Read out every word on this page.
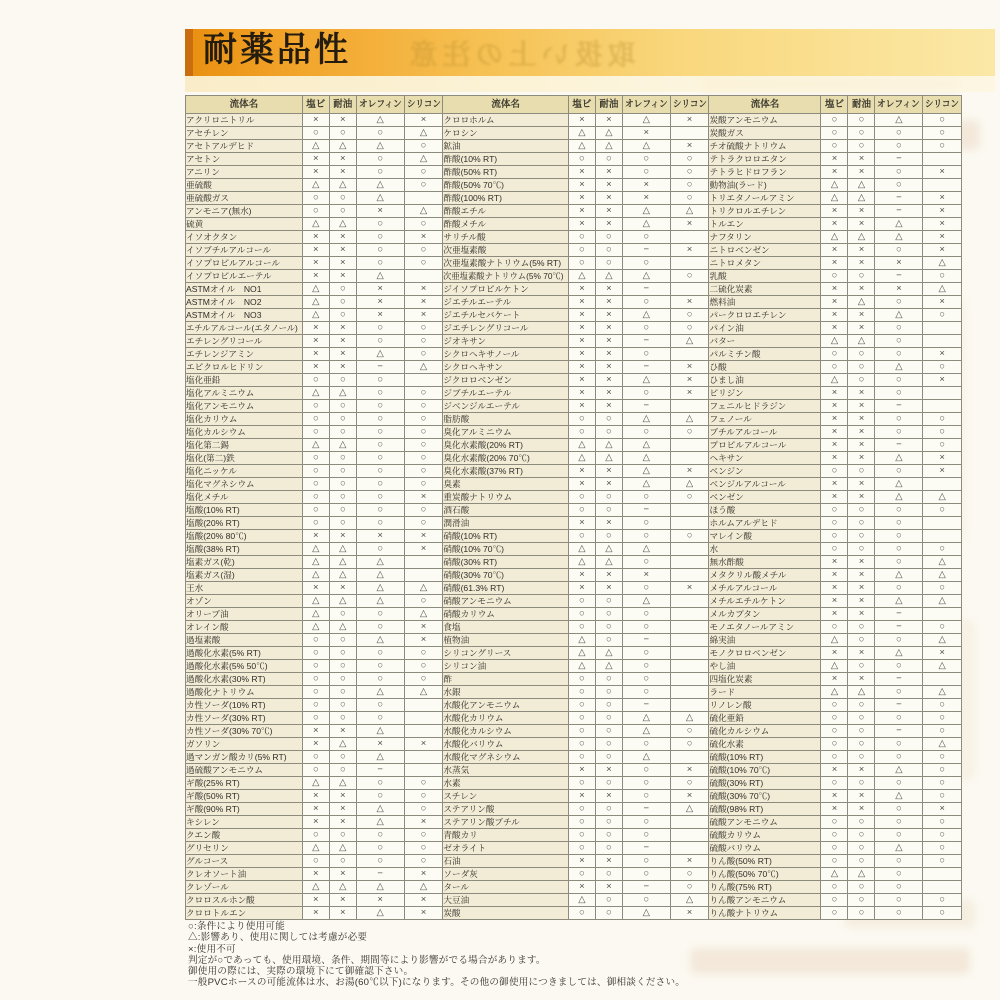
耐薬品性	取扱い上の注意
流体名	塩ビ	耐油	オレフィン	シリコン	流体名	塩ビ	耐油	オレフィン	シリコン	流体名	塩ビ	耐油	オレフィン	シリコン
アクリロニトリル	×	×	△	×	クロロホルム	×	×	△	×	炭酸アンモニウム	○	○	△	○
アセチレン	○	○	○	△	ケロシン	△	△	×		炭酸ガス	○	○	○	○
アセトアルデヒド	△	△	△	○	鉱油	△	△	△	×	チオ硫酸ナトリウム	○	○	○	○
アセトン	×	×	○	△	酢酸(10% RT)	○	○	○	○	テトラクロロエタン	×	×	−	
アニリン	×	×	○	○	酢酸(50% RT)	×	×	○	○	テトラヒドロフラン	×	×	○	×
亜硫酸	△	△	△	○	酢酸(50% 70℃)	×	×	×	○	動物油(ラード)	△	△	○	
亜硫酸ガス	○	○	△		酢酸(100% RT)	×	×	×	○	トリエタノールアミン	△	△	−	×
アンモニア(無水)	○	○	×	△	酢酸エチル	×	×	△	△	トリクロルエチレン	×	×	−	×
硫黄	△	△	○	○	酢酸メチル	×	×	△	×	トルエン	×	×	△	×
イソオクタン	×	×	○	×	サリチル酸	○	○	○		ナフタリン	△	△	△	×
イソブチルアルコール	×	×	○	○	次亜塩素酸	○	○	−	×	ニトロベンゼン	×	×	○	×
イソプロピルアルコール	×	×	○	○	次亜塩素酸ナトリウム(5% RT)	○	○	○		ニトロメタン	×	×	×	△
イソプロピルエーテル	×	×	△		次亜塩素酸ナトリウム(5% 70℃)	△	△	△	○	乳酸	○	○	−	○
ASTMオイル　NO1	△	○	×	×	ジイソプロピルケトン	×	×	−		二硫化炭素	×	×	×	△
ASTMオイル　NO2	△	○	×	×	ジエチルエーテル	×	×	○	×	燃料油	×	△	○	×
ASTMオイル　NO3	△	○	×	×	ジエチルセバケート	×	×	△	○	パークロロエチレン	×	×	△	○
エチルアルコール(エタノール)	×	×	○	○	ジエチレングリコール	×	×	○	○	パイン油	×	×	○	
エチレングリコール	×	×	○	○	ジオキサン	×	×	−	△	バター	△	△	○	
エチレンジアミン	×	×	△	○	シクロヘキサノール	×	×	○		パルミチン酸	○	○	○	×
エピクロルヒドリン	×	×	−	△	シクロヘキサン	×	×	−	×	ひ酸	○	○	△	○
塩化亜鉛	○	○	○		ジクロロベンゼン	×	×	△	×	ひまし油	△	○	○	×
塩化アルミニウム	△	△	○	○	ジブチルエーテル	×	×	○	×	ピリジン	×	×	○	
塩化アンモニウム	○	○	○	○	ジベンジルエーテル	×	×	−		フェニルヒドラジン	×	×	−	
塩化カリウム	○	○	○	○	脂肪酸	○	○	△	△	フェノール	×	×	○	○
塩化カルシウム	○	○	○	○	臭化アルミニウム	○	○	○	○	ブチルアルコール	×	×	○	○
塩化第二錫	△	△	○	○	臭化水素酸(20% RT)	△	△	△		プロピルアルコール	×	×	−	○
塩化(第二)鉄	○	○	○	○	臭化水素酸(20% 70℃)	△	△	△		ヘキサン	×	×	△	×
塩化ニッケル	○	○	○	○	臭化水素酸(37% RT)	×	×	△	×	ベンジン	○	○	○	×
塩化マグネシウム	○	○	○	○	臭素	×	×	△	△	ベンジルアルコール	×	×	△	
塩化メチル	○	○	○	×	重炭酸ナトリウム	○	○	○	○	ベンゼン	×	×	△	△
塩酸(10% RT)	○	○	○	○	酒石酸	○	○	−		ほう酸	○	○	○	○
塩酸(20% RT)	○	○	○	○	潤滑油	×	×	○		ホルムアルデヒド	○	○	○	
塩酸(20% 80℃)	×	×	×	×	硝酸(10% RT)	○	○	○	○	マレイン酸	○	○	○	
塩酸(38% RT)	△	△	○	×	硝酸(10% 70℃)	△	△	△		水	○	○	○	○
塩素ガス(乾)	△	△	△		硝酸(30% RT)	△	△	○		無水酢酸	×	×	○	△
塩素ガス(湿)	△	△	△		硝酸(30% 70℃)	×	×	×		メタクリル酸メチル	×	×	△	△
王水	×	×	△	△	硝酸(61.3% RT)	×	×	○	×	メチルアルコール	×	×	○	○
オゾン	△	△	△	○	硝酸アンモニウム	○	○	△		メチルエチルケトン	×	×	△	△
オリーブ油	△	○	○	△	硝酸カリウム	○	○	○		メルカプタン	×	×	−	
オレイン酸	△	△	○	×	食塩	○	○	○		モノエタノールアミン	○	○	−	○
過塩素酸	○	○	△	×	植物油	△	○	−		綿実油	△	○	○	△
過酸化水素(5% RT)	○	○	○	○	シリコングリース	△	△	○		モノクロロベンゼン	×	×	△	×
過酸化水素(5% 50℃)	○	○	○	○	シリコン油	△	△	○		やし油	△	○	○	△
過酸化水素(30% RT)	○	○	○	○	酢	○	○	○		四塩化炭素	×	×	−	
過酸化ナトリウム	○	○	△	△	水銀	○	○	○		ラード	△	△	○	△
カ性ソーダ(10% RT)	○	○	○		水酸化アンモニウム	○	○	−		リノレン酸	○	○	−	○
カ性ソーダ(30% RT)	○	○	○		水酸化カリウム	○	○	△	△	硫化亜鉛	○	○	○	○
カ性ソーダ(30% 70℃)	×	×	△		水酸化カルシウム	○	○	△	○	硫化カルシウム	○	○	−	○
ガソリン	×	△	×	×	水酸化バリウム	○	○	○	○	硫化水素	○	○	○	△
過マンガン酸カリ(5% RT)	○	○	△		水酸化マグネシウム	○	○	△		硫酸(10% RT)	○	○	○	○
過硫酸アンモニウム	○	○	−		水蒸気	×	×	○	×	硫酸(10% 70℃)	×	×	△	○
ギ酸(25% RT)	△	△	○	○	水素	○	○	○	○	硫酸(30% RT)	○	○	○	○
ギ酸(50% RT)	×	×	○	○	スチレン	×	×	○	×	硫酸(30% 70℃)	×	×	△	○
ギ酸(90% RT)	×	×	△	○	ステアリン酸	○	○	−	△	硫酸(98% RT)	×	×	○	×
キシレン	×	×	△	×	ステアリン酸ブチル	○	○	○		硫酸アンモニウム	○	○	○	○
クエン酸	○	○	○	○	青酸カリ	○	○	○		硫酸カリウム	○	○	○	○
グリセリン	△	△	○	○	ゼオライト	○	○	−		硫酸バリウム	○	○	△	○
グルコース	○	○	○	○	石油	×	×	○	×	りん酸(50% RT)	○	○	○	○
クレオソート油	×	×	−	×	ソーダ灰	○	○	○	○	りん酸(50% 70℃)	△	△	○	
クレゾール	△	△	△	△	タール	×	×	−	○	りん酸(75% RT)	○	○	○	
クロロスルホン酸	×	×	×	×	大豆油	△	○	○	△	りん酸アンモニウム	○	○	○	○
クロロトルエン	×	×	△	×	炭酸	○	○	△	×	りん酸ナトリウム	○	○	○	○
○:条件により使用可能
△:影響あり、使用に関しては考慮が必要
×:使用不可
判定が○であっても、使用環境、条件、期間等により影響がでる場合があります。
御使用の際には、実際の環境下にて御確認下さい。
一般PVCホースの可能流体は水、お湯(60℃以下)になります。その他の御使用につきましては、御相談ください。
